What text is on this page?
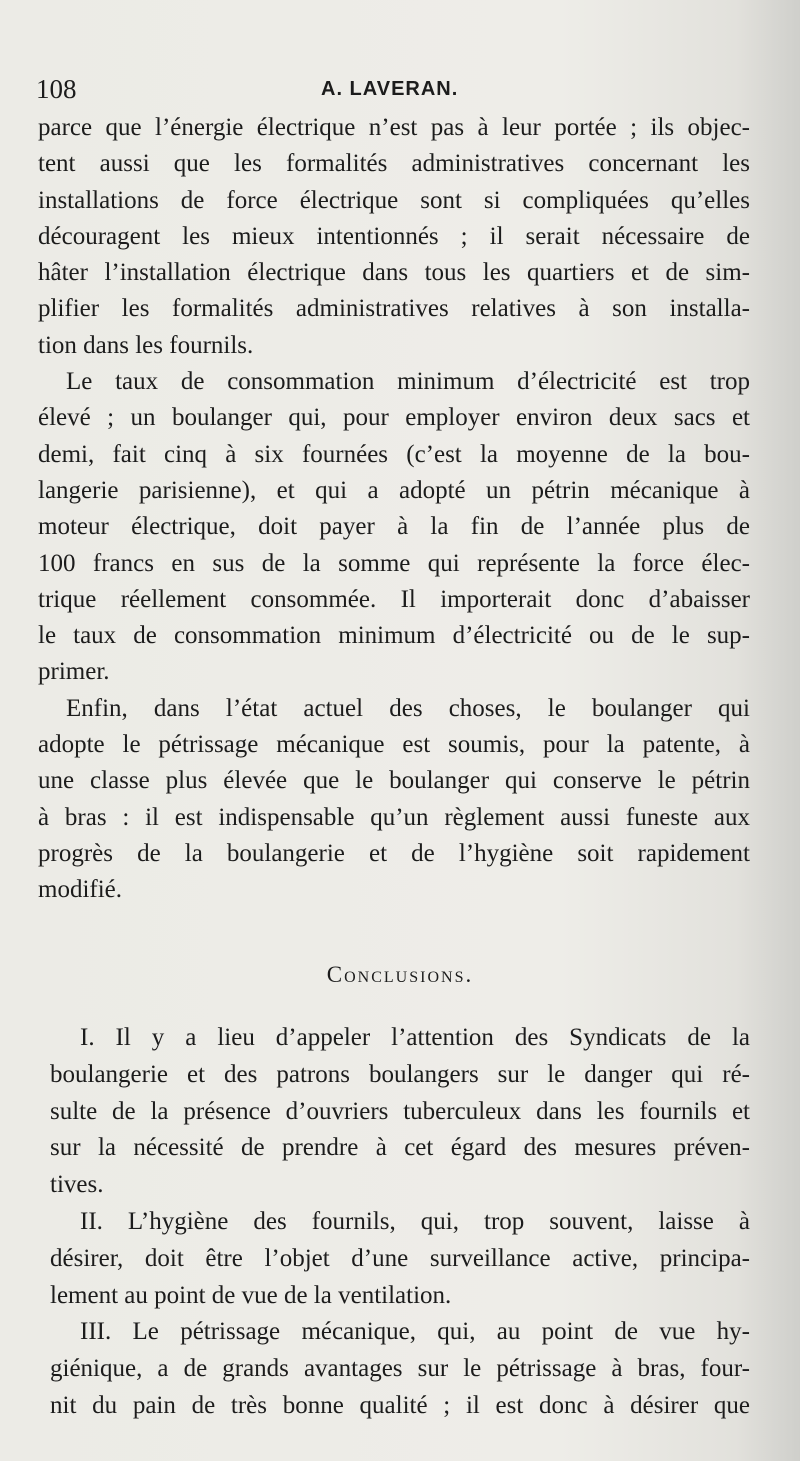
108	A. LAVERAN.
parce que l’énergie électrique n’est pas à leur portée ; ils objec-
tent aussi que les formalités administratives concernant les
installations de force électrique sont si compliquées qu’elles
découragent les mieux intentionnés ; il serait nécessaire de
hâter l’installation électrique dans tous les quartiers et de sim-
plifier les formalités administratives relatives à son installa-
tion dans les fournils.
Le taux de consommation minimum d’électricité est trop
élevé ; un boulanger qui, pour employer environ deux sacs et
demi, fait cinq à six fournées (c’est la moyenne de la bou-
langerie parisienne), et qui a adopté un pétrin mécanique à
moteur électrique, doit payer à la fin de l’année plus de
100 francs en sus de la somme qui représente la force élec-
trique réellement consommée. Il importerait donc d’abaisser
le taux de consommation minimum d’électricité ou de le sup-
primer.
Enfin, dans l’état actuel des choses, le boulanger qui
adopte le pétrissage mécanique est soumis, pour la patente, à
une classe plus élevée que le boulanger qui conserve le pétrin
à bras : il est indispensable qu’un règlement aussi funeste aux
progrès de la boulangerie et de l’hygiène soit rapidement
modifié.
Conclusions.
I. Il y a lieu d’appeler l’attention des Syndicats de la
boulangerie et des patrons boulangers sur le danger qui ré-
sulte de la présence d’ouvriers tuberculeux dans les fournils et
sur la nécessité de prendre à cet égard des mesures préven-
tives.
II. L’hygiène des fournils, qui, trop souvent, laisse à
désirer, doit être l’objet d’une surveillance active, principa-
lement au point de vue de la ventilation.
III. Le pétrissage mécanique, qui, au point de vue hy-
giénique, a de grands avantages sur le pétrissage à bras, four-
nit du pain de très bonne qualité ; il est donc à désirer que
